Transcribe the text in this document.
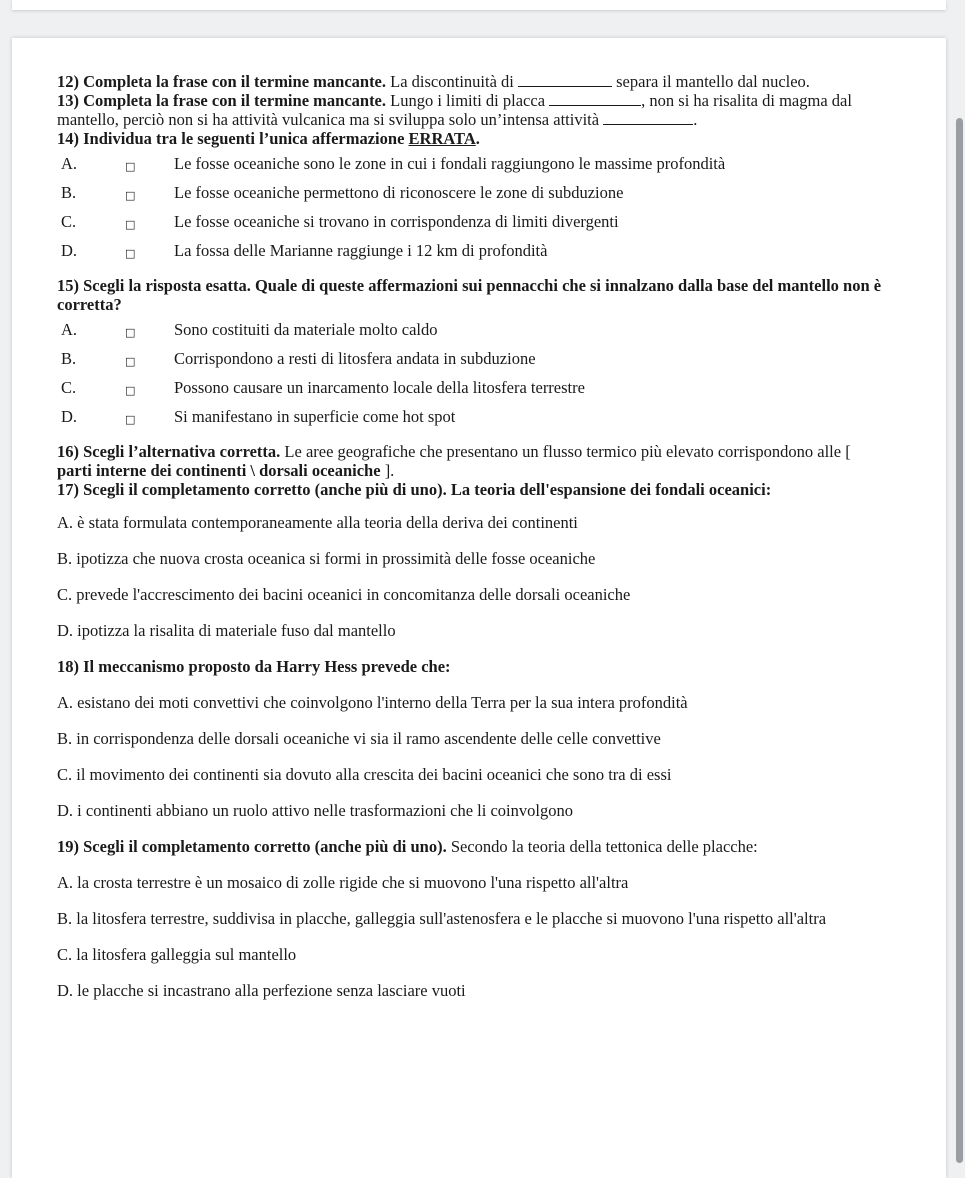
12) Completa la frase con il termine mancante. La discontinuità di	separa il mantello dal nucleo.

13) Completa la frase con il termine mancante. Lungo i limiti di placca	, non si ha risalita di magma dal mantello, perciò non si ha attività vulcanica ma si sviluppa solo un’intensa attività	.

14) Individua tra le seguenti l’unica affermazione ERRATA.

A.	□	Le fosse oceaniche sono le zone in cui i fondali raggiungono le massime profondità
B.	□	Le fosse oceaniche permettono di riconoscere le zone di subduzione
C.	□	Le fosse oceaniche si trovano in corrispondenza di limiti divergenti
D.	□	La fossa delle Marianne raggiunge i 12 km di profondità

15) Scegli la risposta esatta. Quale di queste affermazioni sui pennacchi che si innalzano dalla base del mantello non è corretta?

A.	□	Sono costituiti da materiale molto caldo
B.	□	Corrispondono a resti di litosfera andata in subduzione
C.	□	Possono causare un inarcamento locale della litosfera terrestre
D.	□	Si manifestano in superficie come hot spot

16) Scegli l’alternativa corretta. Le aree geografiche che presentano un flusso termico più elevato corrispondono alle [ parti interne dei continenti \ dorsali oceaniche ].

17) Scegli il completamento corretto (anche più di uno). La teoria dell'espansione dei fondali oceanici:

A. è stata formulata contemporaneamente alla teoria della deriva dei continenti

B. ipotizza che nuova crosta oceanica si formi in prossimità delle fosse oceaniche

C. prevede l'accrescimento dei bacini oceanici in concomitanza delle dorsali oceaniche

D. ipotizza la risalita di materiale fuso dal mantello

18) Il meccanismo proposto da Harry Hess prevede che:

A. esistano dei moti convettivi che coinvolgono l'interno della Terra per la sua intera profondità

B. in corrispondenza delle dorsali oceaniche vi sia il ramo ascendente delle celle convettive

C. il movimento dei continenti sia dovuto alla crescita dei bacini oceanici che sono tra di essi

D. i continenti abbiano un ruolo attivo nelle trasformazioni che li coinvolgono

19) Scegli il completamento corretto (anche più di uno). Secondo la teoria della tettonica delle placche:

A. la crosta terrestre è un mosaico di zolle rigide che si muovono l'una rispetto all'altra

B. la litosfera terrestre, suddivisa in placche, galleggia sull'astenosfera e le placche si muovono l'una rispetto all'altra

C. la litosfera galleggia sul mantello

D. le placche si incastrano alla perfezione senza lasciare vuoti
